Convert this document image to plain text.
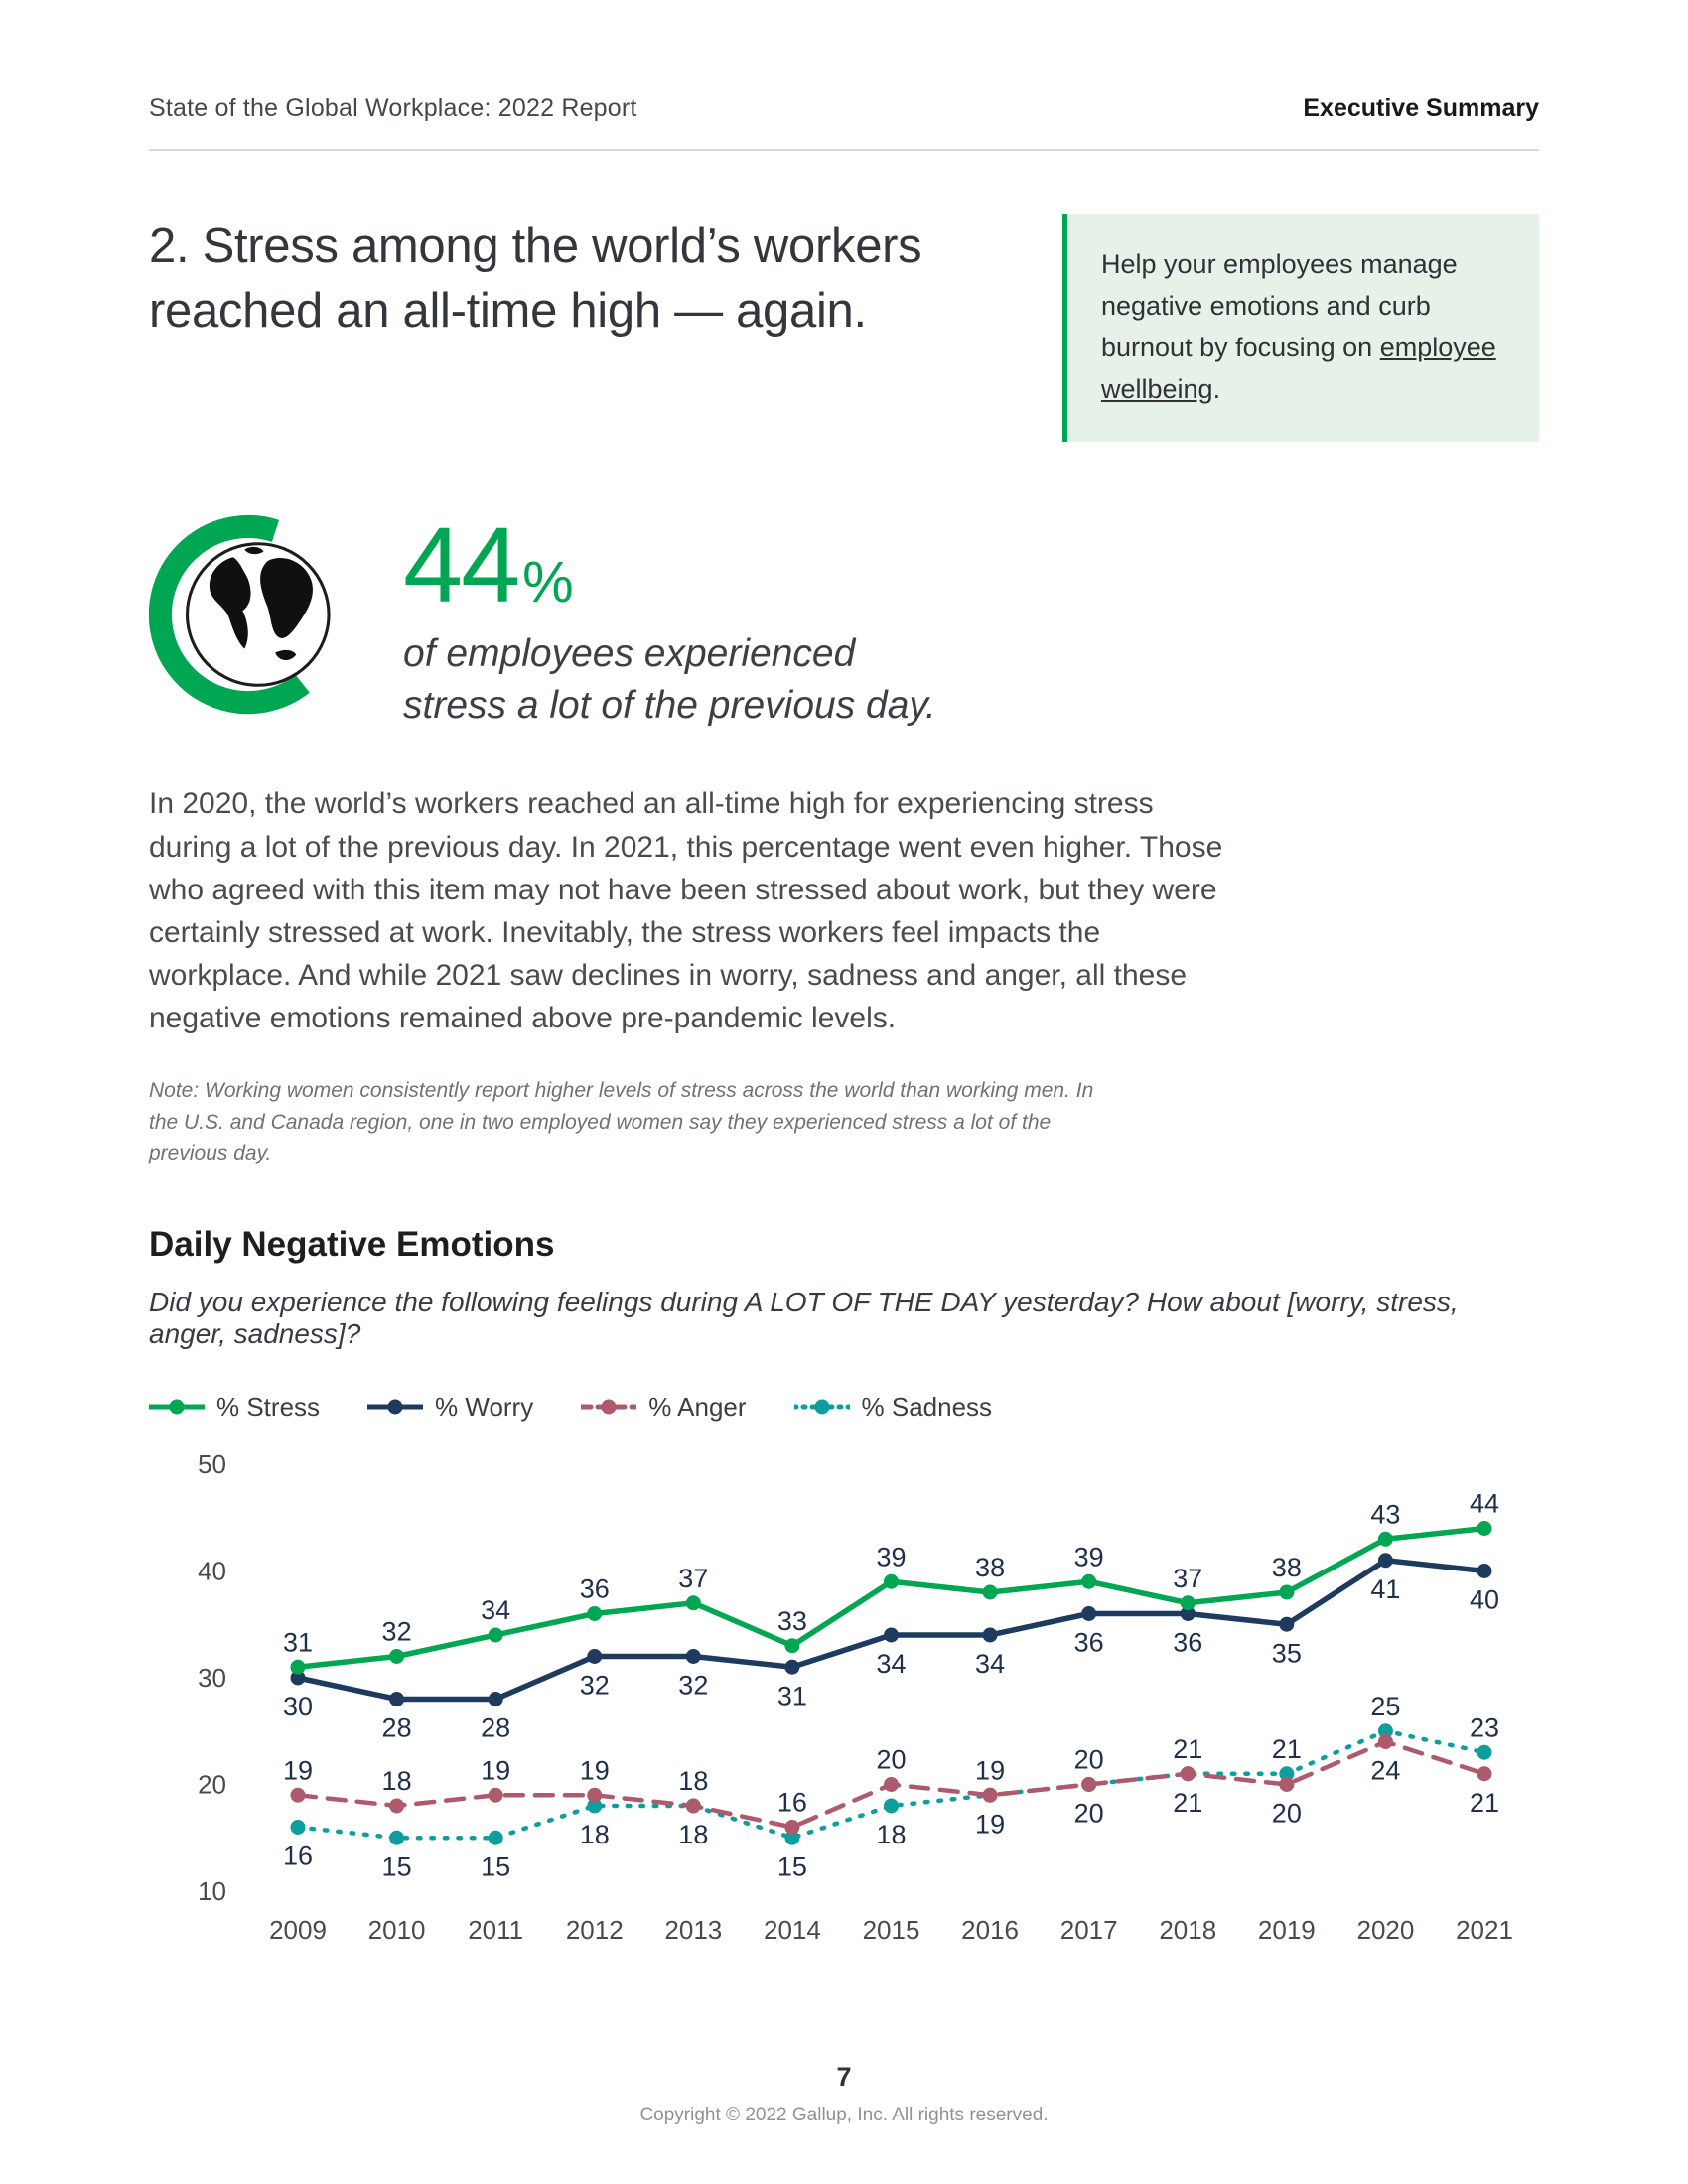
State of the Global Workplace: 2022 Report	Executive Summary
2. Stress among the world’s workers reached an all-time high — again.
Help your employees manage negative emotions and curb burnout by focusing on employee wellbeing.
44 %
of employees experienced
stress a lot of the previous day.
In 2020, the world’s workers reached an all-time high for experiencing stress during a lot of the previous day. In 2021, this percentage went even higher. Those who agreed with this item may not have been stressed about work, but they were certainly stressed at work. Inevitably, the stress workers feel impacts the workplace. And while 2021 saw declines in worry, sadness and anger, all these negative emotions remained above pre-pandemic levels.
Note: Working women consistently report higher levels of stress across the world than working men. In the U.S. and Canada region, one in two employed women say they experienced stress a lot of the previous day.
Daily Negative Emotions
Did you experience the following feelings during A LOT OF THE DAY yesterday? How about [worry, stress, anger, sadness]?
% Stress	% Worry	% Anger	% Sadness
50
40
30
20
10
2009 2010 2011 2012 2013 2014 2015 2016 2017 2018 2019 2020 2021
31	32
34
36	37
33
39	38	39
37	38
43	44
30
28	28
32	32	31
34	34
36	36	35
41	40
19	18	19	19	18
16
20	19	20	21
20
24
21
16	15	15
18	18
15
18	19	20	21
21
25
23
7
Copyright © 2022 Gallup, Inc. All rights reserved.
